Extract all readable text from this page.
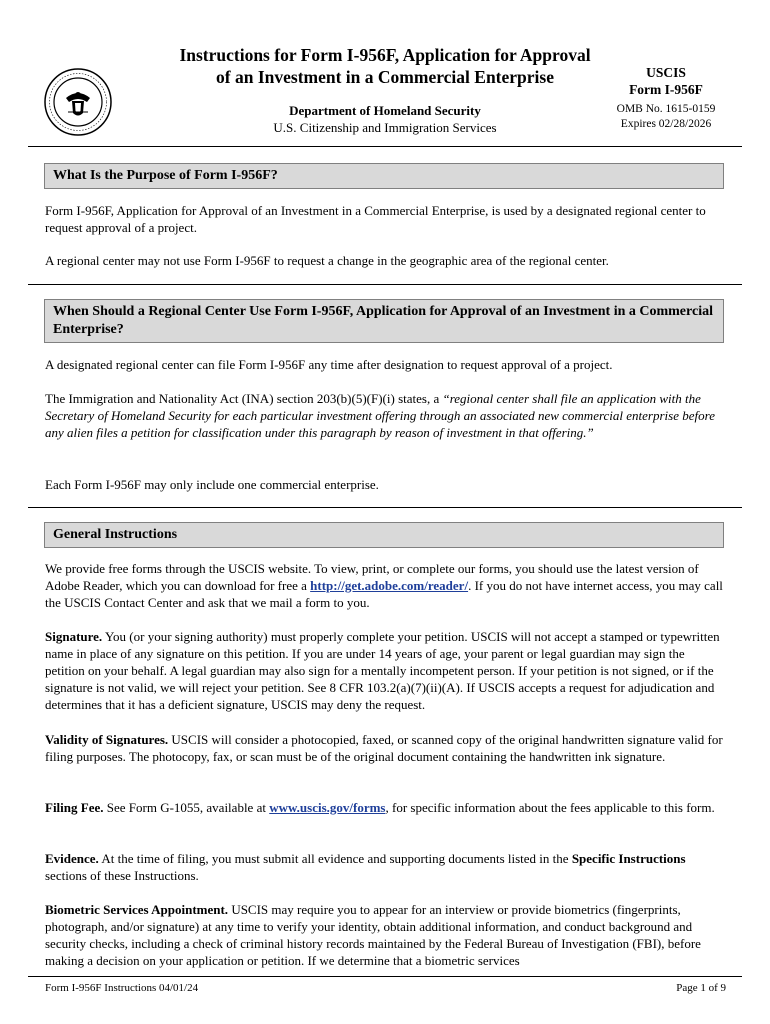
Instructions for Form I-956F, Application for Approval
of an Investment in a Commercial Enterprise
Department of Homeland Security
U.S. Citizenship and Immigration Services
USCIS
Form I-956F
OMB No. 1615-0159
Expires 02/28/2026
What Is the Purpose of Form I-956F?

Form I-956F, Application for Approval of an Investment in a Commercial Enterprise, is used by a designated regional center to request approval of a project.

A regional center may not use Form I-956F to request a change in the geographic area of the regional center.

When Should a Regional Center Use Form I-956F, Application for Approval of an Investment in a Commercial Enterprise?

A designated regional center can file Form I-956F any time after designation to request approval of a project.

The Immigration and Nationality Act (INA) section 203(b)(5)(F)(i) states, a “regional center shall file an application with the Secretary of Homeland Security for each particular investment offering through an associated new commercial enterprise before any alien files a petition for classification under this paragraph by reason of investment in that offering.”

Each Form I-956F may only include one commercial enterprise.

General Instructions

We provide free forms through the USCIS website. To view, print, or complete our forms, you should use the latest version of Adobe Reader, which you can download for free a http://get.adobe.com/reader/. If you do not have internet access, you may call the USCIS Contact Center and ask that we mail a form to you.

Signature. You (or your signing authority) must properly complete your petition. USCIS will not accept a stamped or typewritten name in place of any signature on this petition. If you are under 14 years of age, your parent or legal guardian may sign the petition on your behalf. A legal guardian may also sign for a mentally incompetent person. If your petition is not signed, or if the signature is not valid, we will reject your petition. See 8 CFR 103.2(a)(7)(ii)(A). If USCIS accepts a request for adjudication and determines that it has a deficient signature, USCIS may deny the request.

Validity of Signatures. USCIS will consider a photocopied, faxed, or scanned copy of the original handwritten signature valid for filing purposes. The photocopy, fax, or scan must be of the original document containing the handwritten ink signature.

Filing Fee. See Form G-1055, available at www.uscis.gov/forms, for specific information about the fees applicable to this form.

Evidence. At the time of filing, you must submit all evidence and supporting documents listed in the Specific Instructions sections of these Instructions.

Biometric Services Appointment. USCIS may require you to appear for an interview or provide biometrics (fingerprints, photograph, and/or signature) at any time to verify your identity, obtain additional information, and conduct background and security checks, including a check of criminal history records maintained by the Federal Bureau of Investigation (FBI), before making a decision on your application or petition. If we determine that a biometric services

Form I-956F Instructions 04/01/24	Page 1 of 9
